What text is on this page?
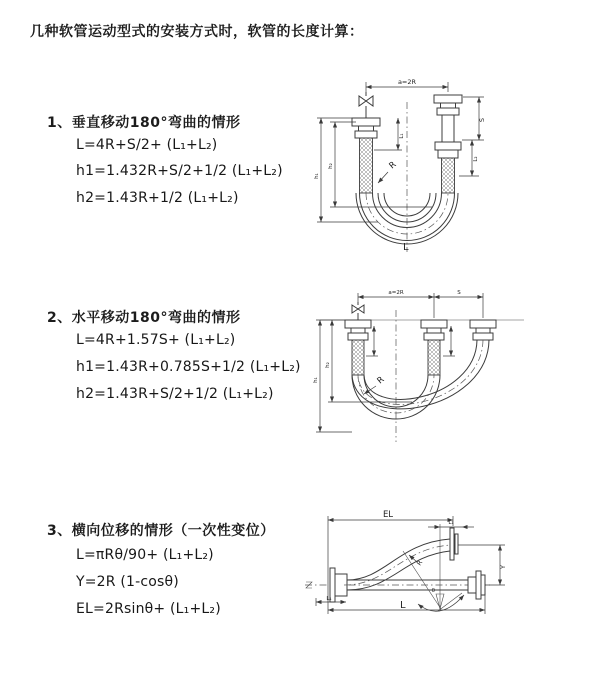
几种软管运动型式的安装方式时，软管的长度计算：
1、垂直移动180°弯曲的情形
L=4R+S/2+ (L₁+L₂)
h1=1.432R+S/2+1/2 (L₁+L₂)
h2=1.43R+1/2 (L₁+L₂)
2、水平移动180°弯曲的情形
L=4R+1.57S+ (L₁+L₂)
h1=1.43R+0.785S+1/2 (L₁+L₂)
h2=1.43R+S/2+1/2 (L₁+L₂)
3、横向位移的情形（一次性变位）
L=πRθ/90+ (L₁+L₂)
Y=2R (1-cosθ)
EL=2Rsinθ+ (L₁+L₂)
a=2R
L₁
S
L₂
h₁
h₂	R
L
a=2R	S
h₁
h₂
R
EL
L₁
Y
θ
R
L
L₁
